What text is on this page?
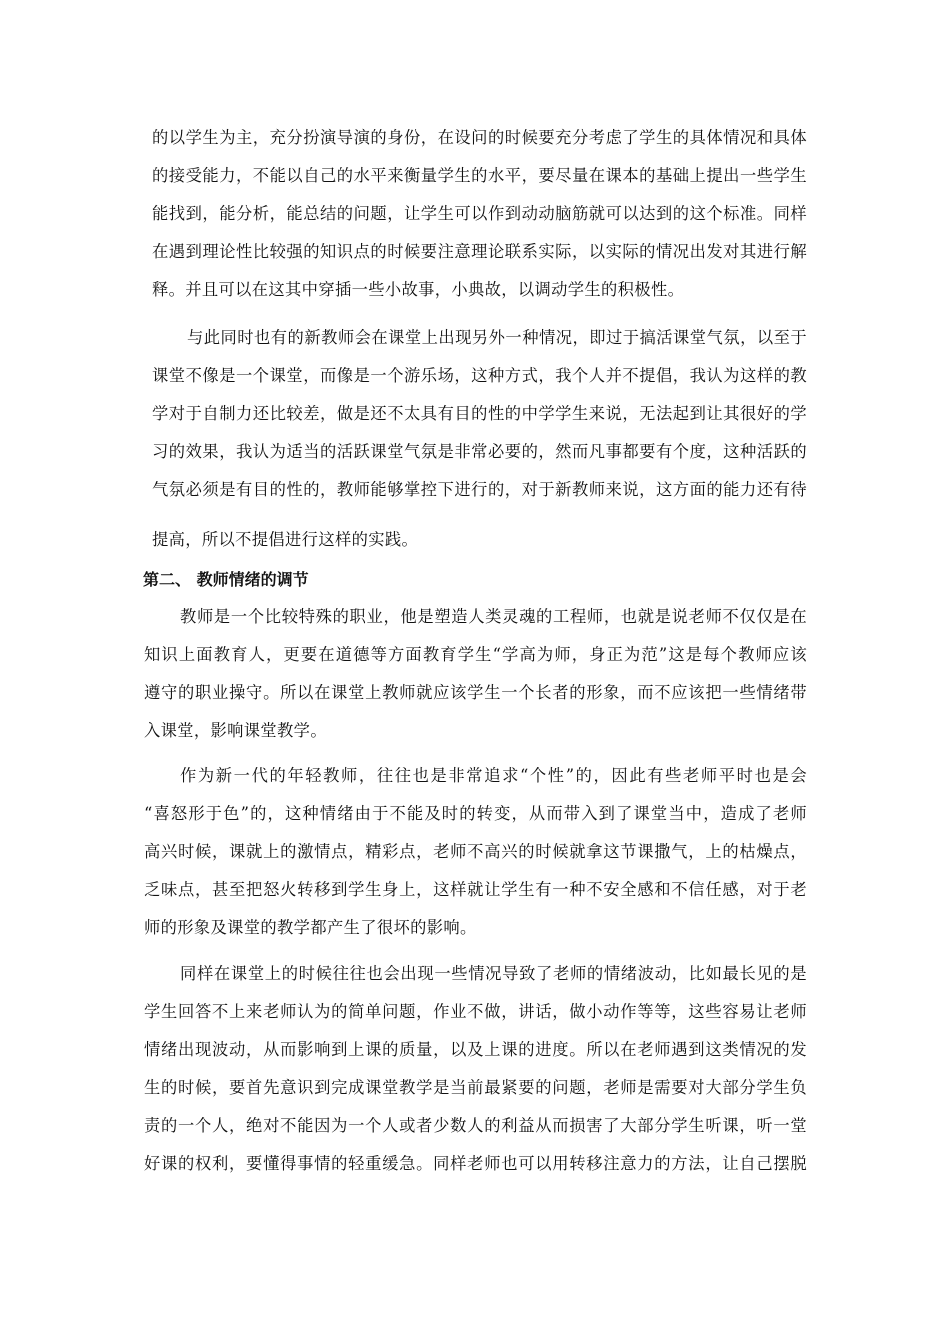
的以学生为主，充分扮演导演的身份，在设问的时候要充分考虑了学生的具体情况和具体
的接受能力，不能以自己的水平来衡量学生的水平，要尽量在课本的基础上提出一些学生
能找到，能分析，能总结的问题，让学生可以作到动动脑筋就可以达到的这个标准。同样
在遇到理论性比较强的知识点的时候要注意理论联系实际，以实际的情况出发对其进行解
释。并且可以在这其中穿插一些小故事，小典故，以调动学生的积极性。
与此同时也有的新教师会在课堂上出现另外一种情况，即过于搞活课堂气氛，以至于
课堂不像是一个课堂，而像是一个游乐场，这种方式，我个人并不提倡，我认为这样的教
学对于自制力还比较差，做是还不太具有目的性的中学学生来说，无法起到让其很好的学
习的效果，我认为适当的活跃课堂气氛是非常必要的，然而凡事都要有个度，这种活跃的
气氛必须是有目的性的，教师能够掌控下进行的，对于新教师来说，这方面的能力还有待
提高，所以不提倡进行这样的实践。
第二、 教师情绪的调节
教师是一个比较特殊的职业，他是塑造人类灵魂的工程师，也就是说老师不仅仅是在
知识上面教育人，更要在道德等方面教育学生“学高为师，身正为范”这是每个教师应该
遵守的职业操守。所以在课堂上教师就应该学生一个长者的形象，而不应该把一些情绪带
入课堂，影响课堂教学。
作为新一代的年轻教师，往往也是非常追求“个性”的，因此有些老师平时也是会
“喜怒形于色”的，这种情绪由于不能及时的转变，从而带入到了课堂当中，造成了老师
高兴时候，课就上的激情点，精彩点，老师不高兴的时候就拿这节课撒气，上的枯燥点，
乏味点，甚至把怒火转移到学生身上，这样就让学生有一种不安全感和不信任感，对于老
师的形象及课堂的教学都产生了很坏的影响。
同样在课堂上的时候往往也会出现一些情况导致了老师的情绪波动，比如最长见的是
学生回答不上来老师认为的简单问题，作业不做，讲话，做小动作等等，这些容易让老师
情绪出现波动，从而影响到上课的质量，以及上课的进度。所以在老师遇到这类情况的发
生的时候，要首先意识到完成课堂教学是当前最紧要的问题，老师是需要对大部分学生负
责的一个人，绝对不能因为一个人或者少数人的利益从而损害了大部分学生听课，听一堂
好课的权利，要懂得事情的轻重缓急。同样老师也可以用转移注意力的方法，让自己摆脱
